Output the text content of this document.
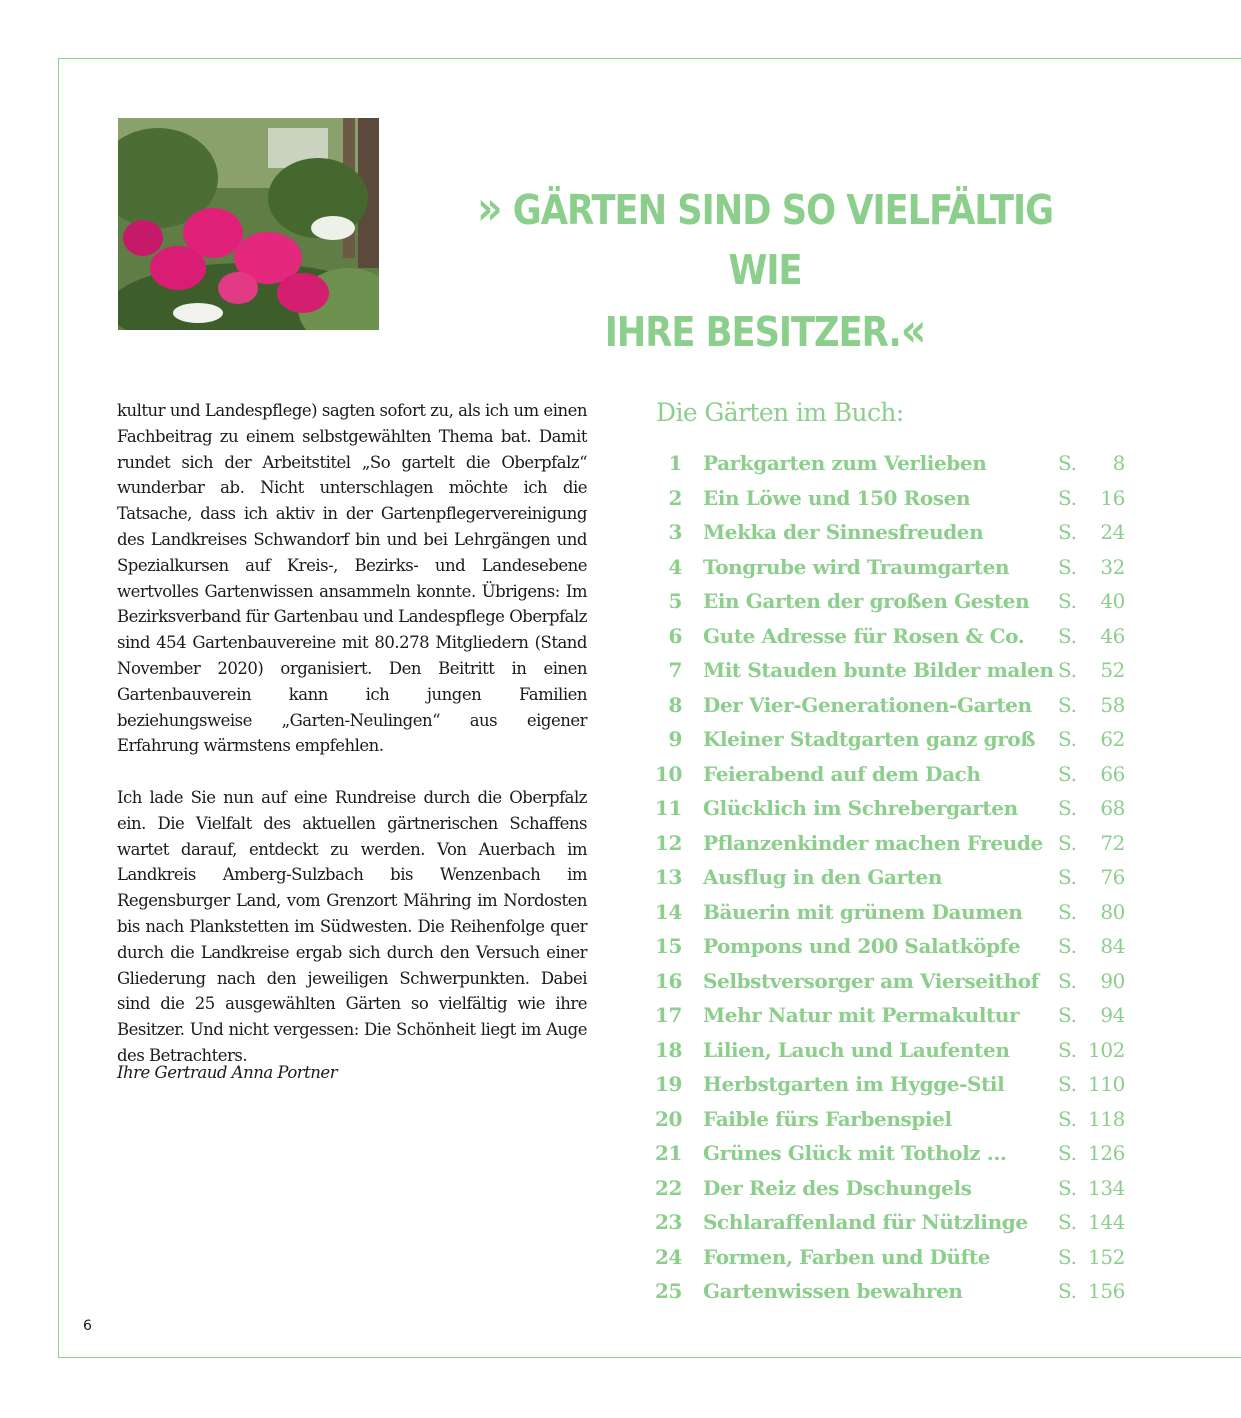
» GÄRTEN SIND SO VIELFÄLTIG WIE
IHRE BESITZER.«

kultur und Landespflege) sagten sofort zu, als ich um einen Fachbeitrag zu einem selbstgewählten Thema bat. Damit rundet sich der Arbeitstitel „So gartelt die Oberpfalz“ wunderbar ab. Nicht unterschlagen möchte ich die Tatsache, dass ich aktiv in der Gartenpflegervereinigung des Landkreises Schwandorf bin und bei Lehrgängen und Spezialkursen auf Kreis-, Bezirks- und Landesebene wertvolles Gartenwissen ansammeln konnte. Übrigens: Im Bezirksverband für Gartenbau und Landespflege Oberpfalz sind 454 Gartenbauvereine mit 80.278 Mitgliedern (Stand November 2020) organisiert. Den Beitritt in einen Gartenbauverein kann ich jungen Familien beziehungsweise „Garten-Neulingen“ aus eigener Erfahrung wärmstens empfehlen.

Ich lade Sie nun auf eine Rundreise durch die Oberpfalz ein. Die Vielfalt des aktuellen gärtnerischen Schaffens wartet darauf, entdeckt zu werden. Von Auerbach im Landkreis Amberg-Sulzbach bis Wenzenbach im Regensburger Land, vom Grenzort Mähring im Nordosten bis nach Plankstetten im Südwesten. Die Reihenfolge quer durch die Landkreise ergab sich durch den Versuch einer Gliederung nach den jeweiligen Schwerpunkten. Dabei sind die 25 ausgewählten Gärten so vielfältig wie ihre Besitzer. Und nicht vergessen: Die Schönheit liegt im Auge des Betrachters.

Ihre Gertraud Anna Portner
Die Gärten im Buch:
1 Parkgarten zum Verlieben	S.	8
2 Ein Löwe und 150 Rosen	S.	16
3 Mekka der Sinnesfreuden	S.	24
4 Tongrube wird Traumgarten S.	32
5 Ein Garten der großen Gesten S.	40
6 Gute Adresse für Rosen & Co. S.	46
7 Mit Stauden bunte Bilder malen S.	52
8 Der Vier-Generationen-Garten S.	58
9 Kleiner Stadtgarten ganz groß S.	62
10 Feierabend auf dem Dach	S.	66
11 Glücklich im Schrebergarten S.	68
12 Pflanzenkinder machen Freude S.	72
13 Ausflug in den Garten	S.	76
14 Bäuerin mit grünem Daumen S.	80
15 Pompons und 200 Salatköpfe S.	84
16 Selbstversorger am Vierseithof S.	90
17 Mehr Natur mit Permakultur S.	94
18 Lilien, Lauch und Laufenten S. 102
19 Herbstgarten im Hygge-Stil	S. 110
20 Faible fürs Farbenspiel	S. 118
21 Grünes Glück mit Totholz ...	S. 126
22 Der Reiz des Dschungels	S. 134
23 Schlaraffenland für Nützlinge S. 144
24 Formen, Farben und Düfte	S. 152
25 Gartenwissen bewahren	S. 156
6
